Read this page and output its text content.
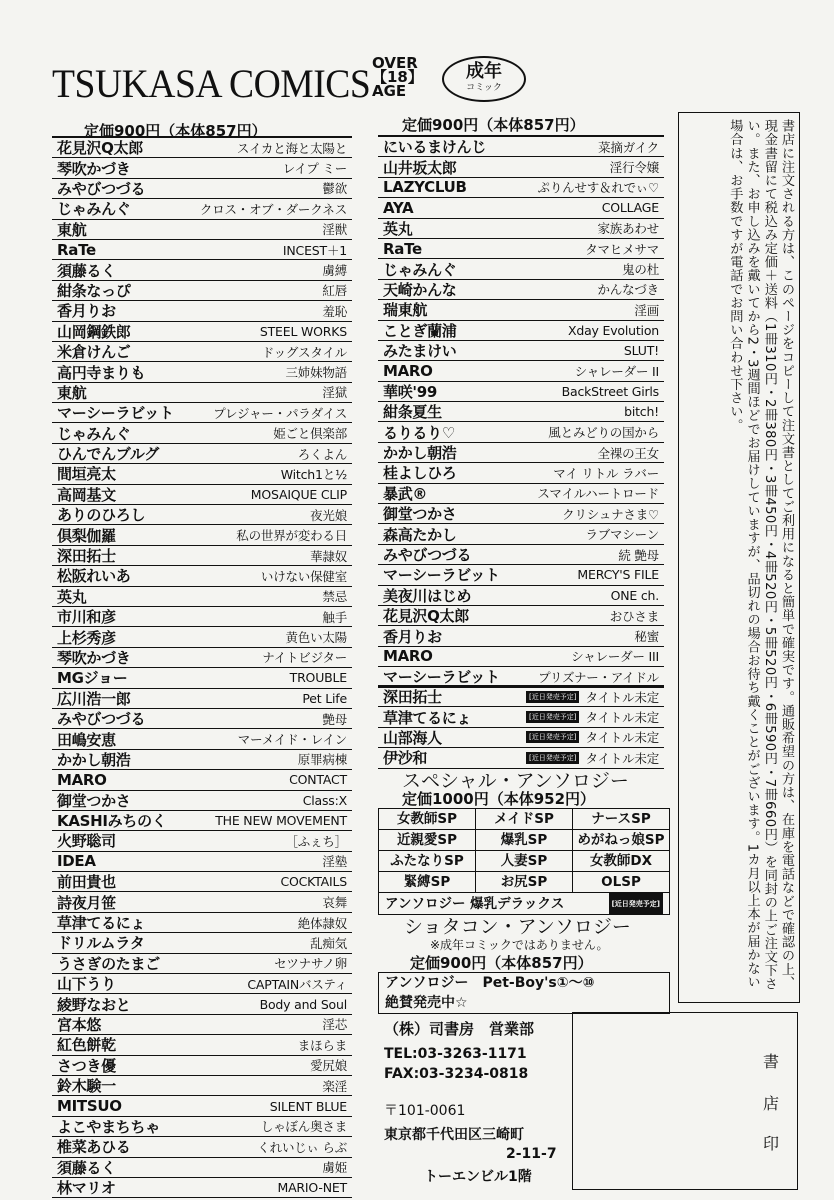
TSUKASA COMICS OVER
【18】
AGE
成年
コミック
定価900円（本体857円）	定価900円（本体857円）
花見沢Q太郎	スイカと海と太陽と
琴吹かづき	レイプ ミー
みやびつづる	鬱欲
じゃみんぐ	クロス・オブ・ダークネス
東航	淫獣
RaTe	INCEST＋1
須藤るく	虜縛
紺条なっぴ	紅唇
香月りお	羞恥
山岡鋼鉄郎	STEEL WORKS
米倉けんご	ドッグスタイル
高円寺まりも	三姉妹物語
東航	淫獄
マーシーラビット	プレジャー・パラダイス
じゃみんぐ	姫ごと倶楽部
ひんでんブルグ	ろくよん
間垣亮太	Witch1と½
高岡基文	MOSAIQUE CLIP
ありのひろし	夜光娘
倶梨伽羅	私の世界が変わる日
深田拓士	華隷奴
松阪れいあ	いけない保健室
英丸	禁忌
市川和彦	触手
上杉秀彦	黄色い太陽
琴吹かづき	ナイトビジター
MGジョー	TROUBLE
広川浩一郎	Pet Life
みやびつづる	艶母
田嶋安恵	マーメイド・レイン
かかし朝浩	原罪病棟
MARO	CONTACT
御堂つかさ	Class:X
KASHIみちのく	THE NEW MOVEMENT
火野聡司	［ふぇち］
IDEA	淫塾
前田貴也	COCKTAILS
詩夜月笹	哀舞
草津てるにょ	絶体隷奴
ドリルムラタ	乱痴気
うさぎのたまご	セツナサノ卵
山下うり	CAPTAINバスティ
綾野なおと	Body and Soul
宮本悠	淫芯
紅色餅乾	まほらま
さつき優	愛尻娘
鈴木験一	楽淫
MITSUO	SILENT BLUE
よこやまちちゃ	しゃぼん奥さま
椎菜あひる	くれいじぃ らぶ
須藤るく	虜姫
林マリオ	MARIO-NET
にいるまけんじ	菜摘ガイク
山井坂太郎	淫行令嬢
LAZYCLUB	ぷりんせす＆れでぃ♡
AYA	COLLAGE
英丸	家族あわせ
RaTe	タマヒメサマ
じゃみんぐ	鬼の杜
天崎かんな	かんなづき
瑞東航	淫画
ことぎ蘭浦	Xday Evolution
みたまけい	SLUT!
MARO	シャレーダー II
華咲'99	BackStreet Girls
紺条夏生	bitch!
るりるり♡	風とみどりの国から
かかし朝浩	全裸の王女
桂よしひろ	マイ リトル ラバー
暴武®	スマイルハートロード
御堂つかさ	クリシュナさま♡
森高たかし	ラブマシーン
みやびつづる	続 艶母
マーシーラビット	MERCY'S FILE
美夜川はじめ	ONE ch.
花見沢Q太郎	おひさま
香月りお	秘蜜
MARO	シャレーダー III
マーシーラビット	プリズナー・アイドル
深田拓士	[近日発売予定] タイトル未定
草津てるにょ	[近日発売予定] タイトル未定
山部海人	[近日発売予定] タイトル未定
伊沙和	[近日発売予定] タイトル未定
スペシャル・アンソロジー
定価1000円（本体952円）
女教師SP	メイドSP	ナースSP
近親愛SP	爆乳SP	めがねっ娘SP
ふたなりSP	人妻SP	女教師DX
緊縛SP	お尻SP	OLSP
アンソロジー 爆乳デラックス	[近日発売予定]
ショタコン・アンソロジー
※成年コミックではありません。
定価900円（本体857円）
アンソロジー　Pet-Boy's①〜⑩
絶賛発売中☆
（株）司書房　営業部
TEL:03-3263-1171
FAX:03-3234-0818
〒101-0061
東京都千代田区三崎町
2-11-7
トーエンビル1階
書
店
印
書店に注文される方は、このページをコピーして注文書としてご利用になると簡単で確実です。通販希望の方は、在庫を電話などで確認の上、現金書留にて税込み定価＋送料（1冊310円・2冊380円・3冊450円・4冊520円・5冊520円・6冊590円・7冊660円）を同封の上ご注文下さい。また、お申し込みを戴いてから2・3週間ほどでお届けしていますが、品切れの場合お待ち戴くことがございます。1カ月以上本が届かない場合は、お手数ですが電話でお問い合わせ下さい。
